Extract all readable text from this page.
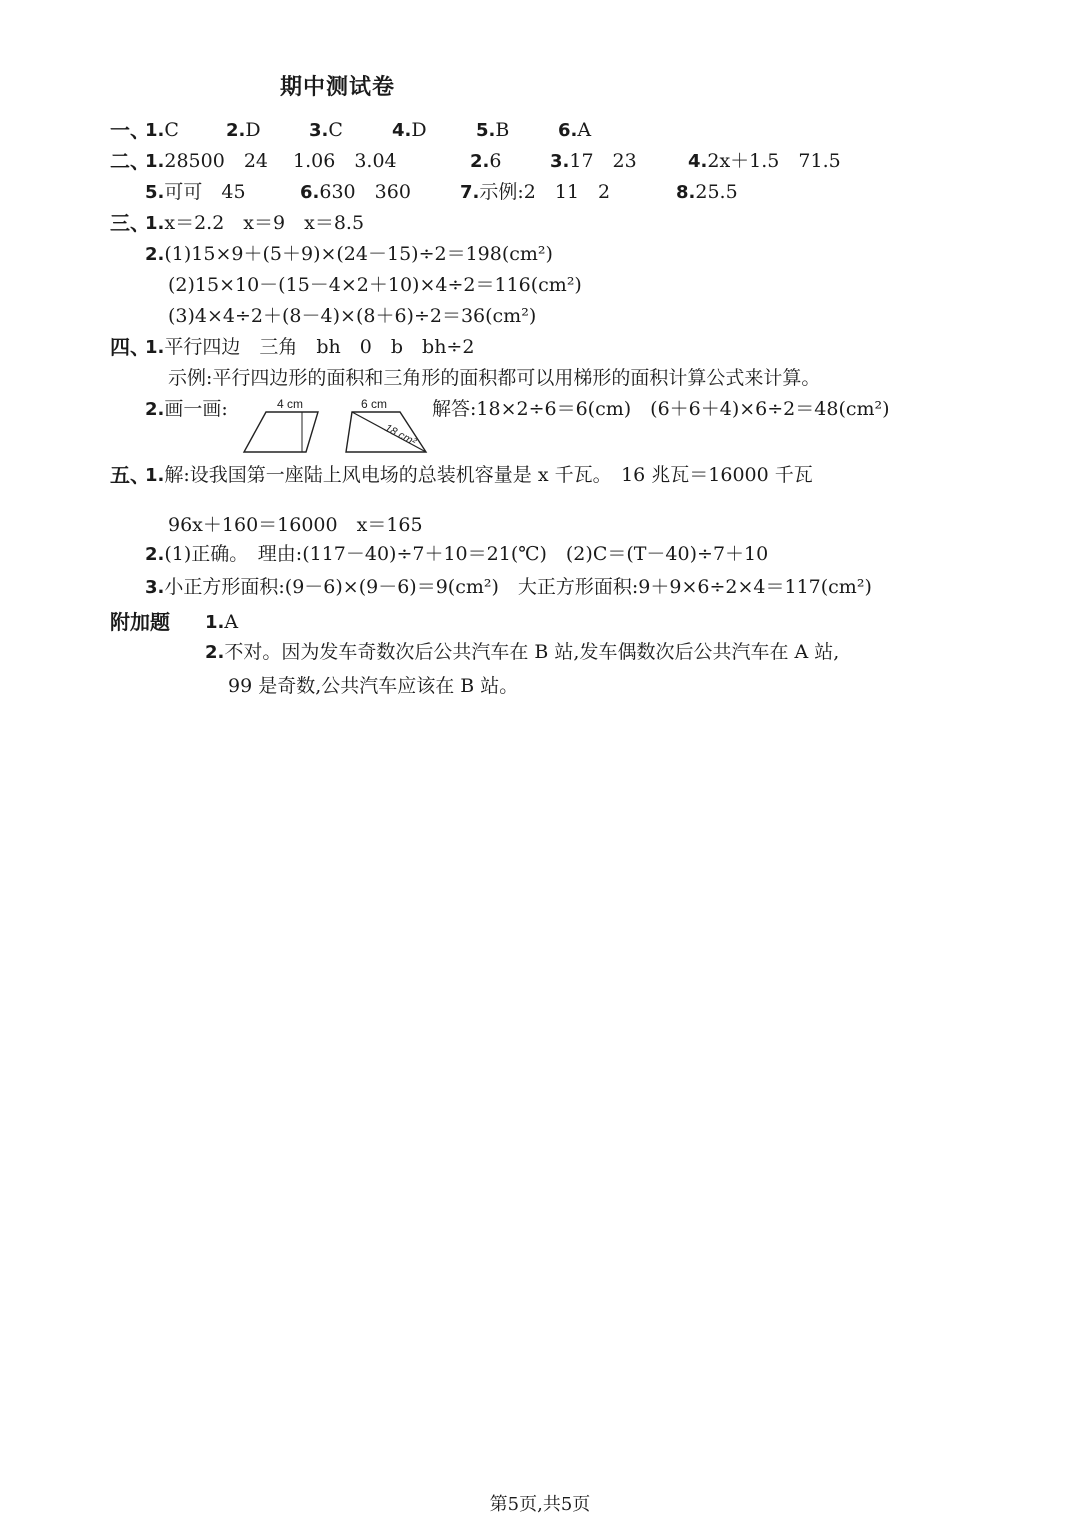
期中测试卷
一、
1.C	2.D	3.C	4.D	5.B	6.A
二、
1.28500　24　 1.06　3.04	2.6	3.17　23	4.2x＋1.5　71.5
5.可可　45	6.630　360	7.示例:2　11　2	8.25.5
三、
1.x＝2.2　x＝9　x＝8.5
2.(1)15×9＋(5＋9)×(24－15)÷2＝198(cm²)
(2)15×10－(15－4×2＋10)×4÷2＝116(cm²)
(3)4×4÷2＋(8－4)×(8＋6)÷2＝36(cm²)
四、
1.平行四边　三角　bh　0　b　bh÷2
示例:平行四边形的面积和三角形的面积都可以用梯形的面积计算公式来计算。
2.画一画:	解答:18×2÷6＝6(cm)　(6＋6＋4)×6÷2＝48(cm²)
4 cm	6 cm
18 cm²
五、
1.解:设我国第一座陆上风电场的总装机容量是 x 千瓦。　16 兆瓦＝16000 千瓦
96x＋160＝16000　x＝165
2.(1)正确。　理由:(117－40)÷7＋10＝21(℃)　(2)C＝(T－40)÷7＋10
3.小正方形面积:(9－6)×(9－6)＝9(cm²)　大正方形面积:9＋9×6÷2×4＝117(cm²)
附加题 1.A
2.不对。因为发车奇数次后公共汽车在 B 站,发车偶数次后公共汽车在 A 站,
99 是奇数,公共汽车应该在 B 站。
第5页,共5页
